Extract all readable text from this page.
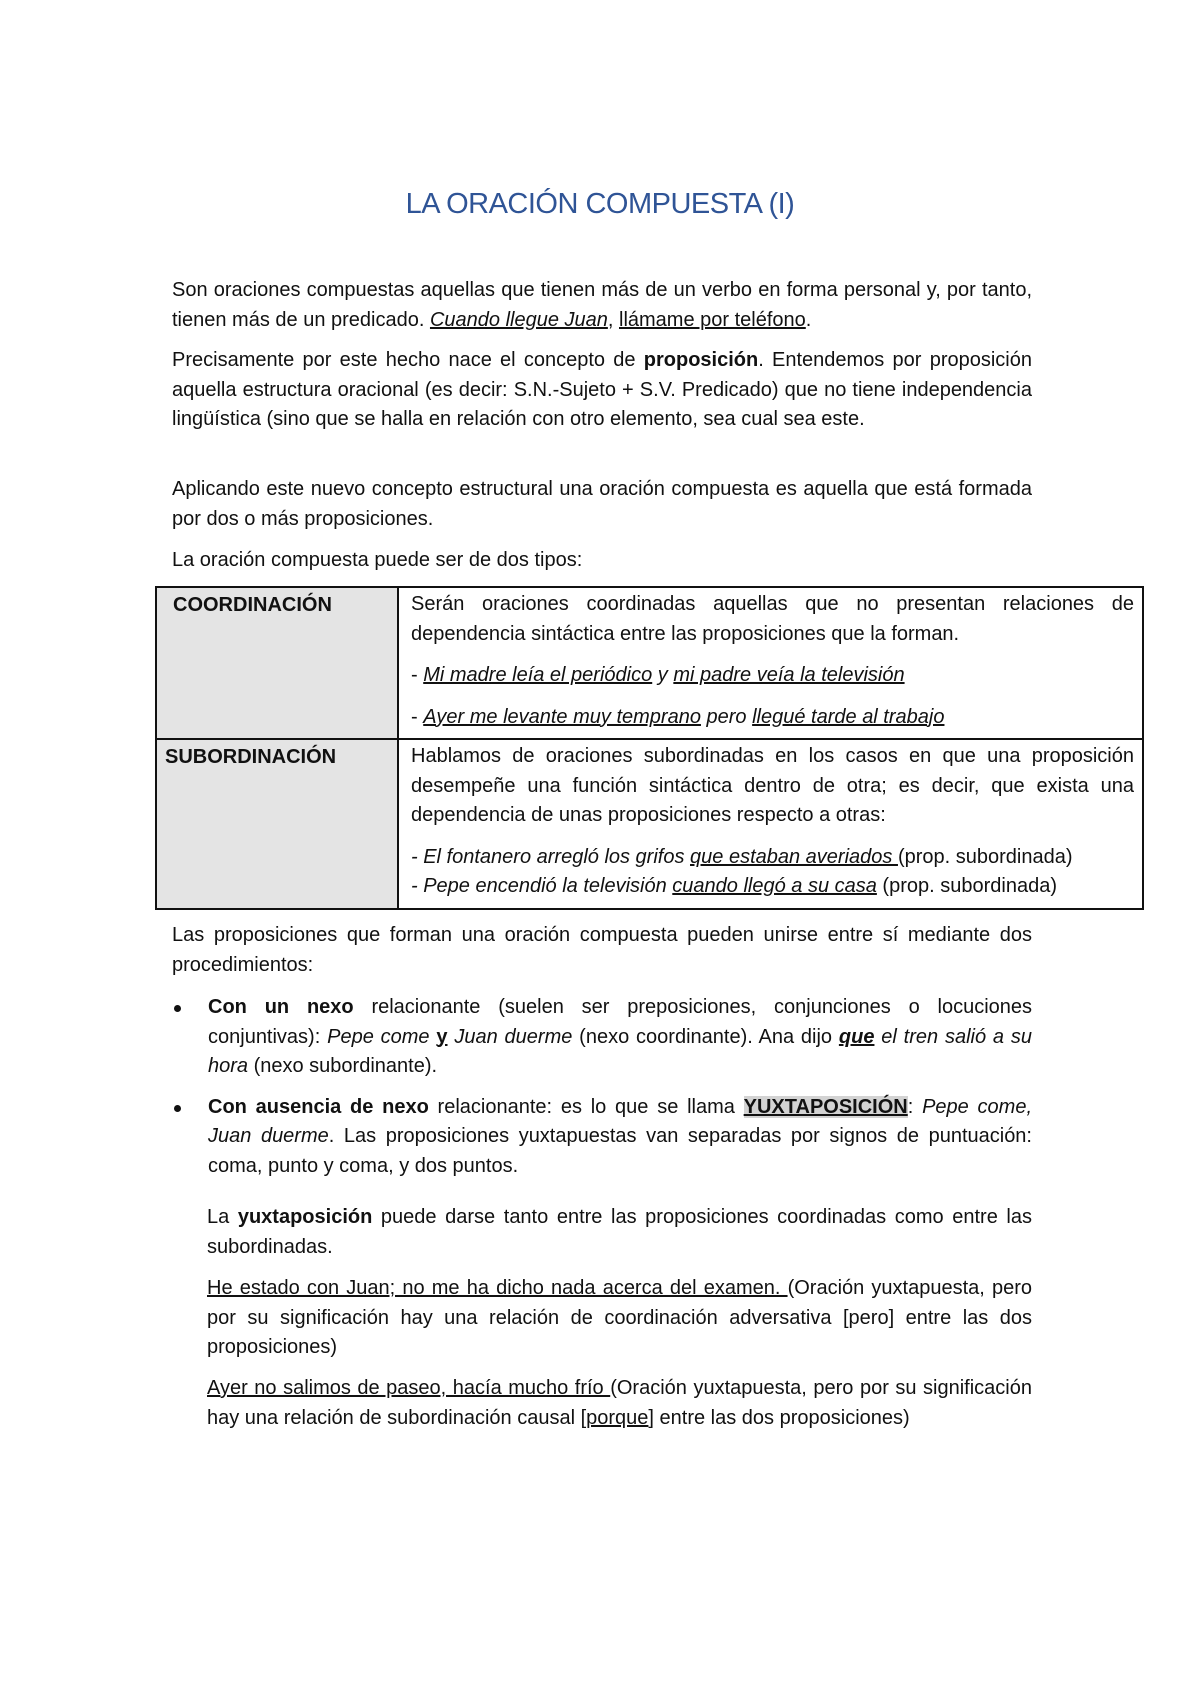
LA ORACIÓN COMPUESTA (I)
Son oraciones compuestas aquellas que tienen más de un verbo en forma personal y, por tanto, tienen más de un predicado. Cuando llegue Juan, llámame por teléfono.
Precisamente por este hecho nace el concepto de proposición. Entendemos por proposición aquella estructura oracional (es decir: S.N.-Sujeto + S.V. Predicado) que no tiene independencia lingüística (sino que se halla en relación con otro elemento, sea cual sea este.
Aplicando este nuevo concepto estructural una oración compuesta es aquella que está formada por dos o más proposiciones.
La oración compuesta puede ser de dos tipos:
COORDINACIÓN	Serán oraciones coordinadas aquellas que no presentan relaciones de dependencia sintáctica entre las proposiciones que la forman.

- Mi madre leía el periódico y mi padre veía la televisión

- Ayer me levante muy temprano pero llegué tarde al trabajo

SUBORDINACIÓN	Hablamos de oraciones subordinadas en los casos en que una proposición desempeñe una función sintáctica dentro de otra; es decir, que exista una dependencia de unas proposiciones respecto a otras:

- El fontanero arregló los grifos que estaban averiados (prop. subordinada)

- Pepe encendió la televisión cuando llegó a su casa (prop. subordinada)

Las proposiciones que forman una oración compuesta pueden unirse entre sí mediante dos procedimientos:
Con un nexo relacionante (suelen ser preposiciones, conjunciones o locuciones conjuntivas): Pepe come y Juan duerme (nexo coordinante). Ana dijo que el tren salió a su hora (nexo subordinante).
Con ausencia de nexo relacionante: es lo que se llama YUXTAPOSICIÓN: Pepe come, Juan duerme. Las proposiciones yuxtapuestas van separadas por signos de puntuación: coma, punto y coma, y dos puntos.
La yuxtaposición puede darse tanto entre las proposiciones coordinadas como entre las subordinadas.
He estado con Juan; no me ha dicho nada acerca del examen. (Oración yuxtapuesta, pero por su significación hay una relación de coordinación adversativa [pero] entre las dos proposiciones)
Ayer no salimos de paseo, hacía mucho frío (Oración yuxtapuesta, pero por su significación hay una relación de subordinación causal [porque] entre las dos proposiciones)
